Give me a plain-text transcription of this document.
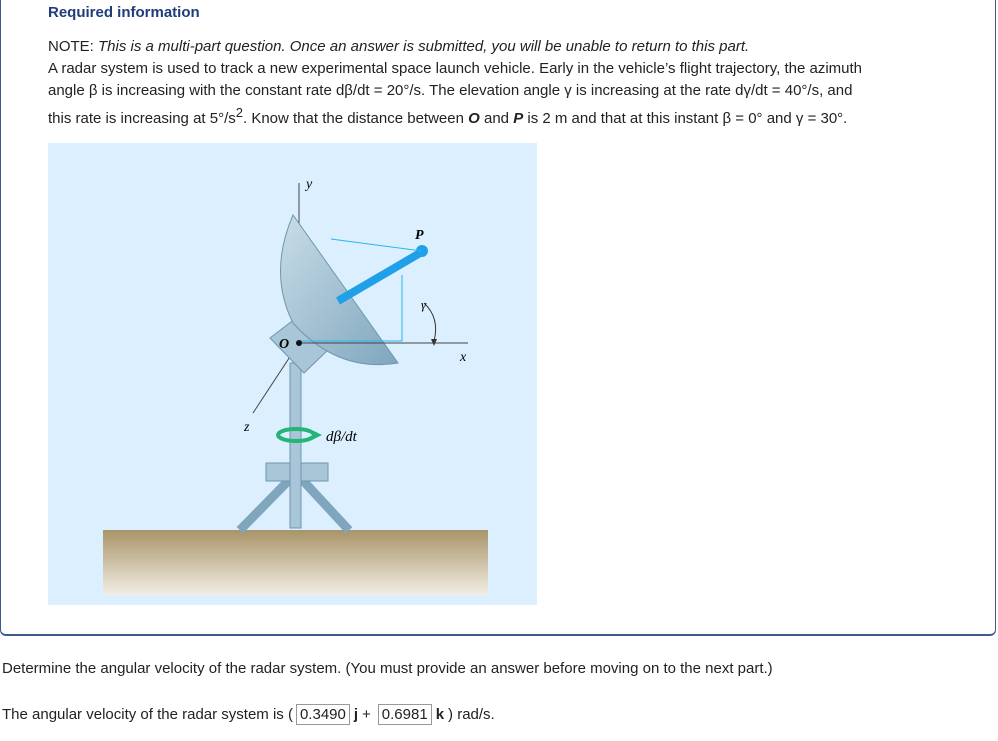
Required information
NOTE: This is a multi-part question. Once an answer is submitted, you will be unable to return to this part.
A radar system is used to track a new experimental space launch vehicle. Early in the vehicle’s flight trajectory, the azimuth
angle β is increasing with the constant rate dβ/dt = 20°/s. The elevation angle γ is increasing at the rate dγ/dt = 40°/s, and
this rate is increasing at $5^\circ/s^2$. Know that the distance between O and P is 2 m and that at this instant β = 0° and γ = 30°.
dβ/dt
y
z
P
x
γ
O
Determine the angular velocity of the radar system. (You must provide an answer before moving on to the next part.)
The angular velocity of the radar system is ( 0.3490 j + 0.6981 k ) rad/s.
